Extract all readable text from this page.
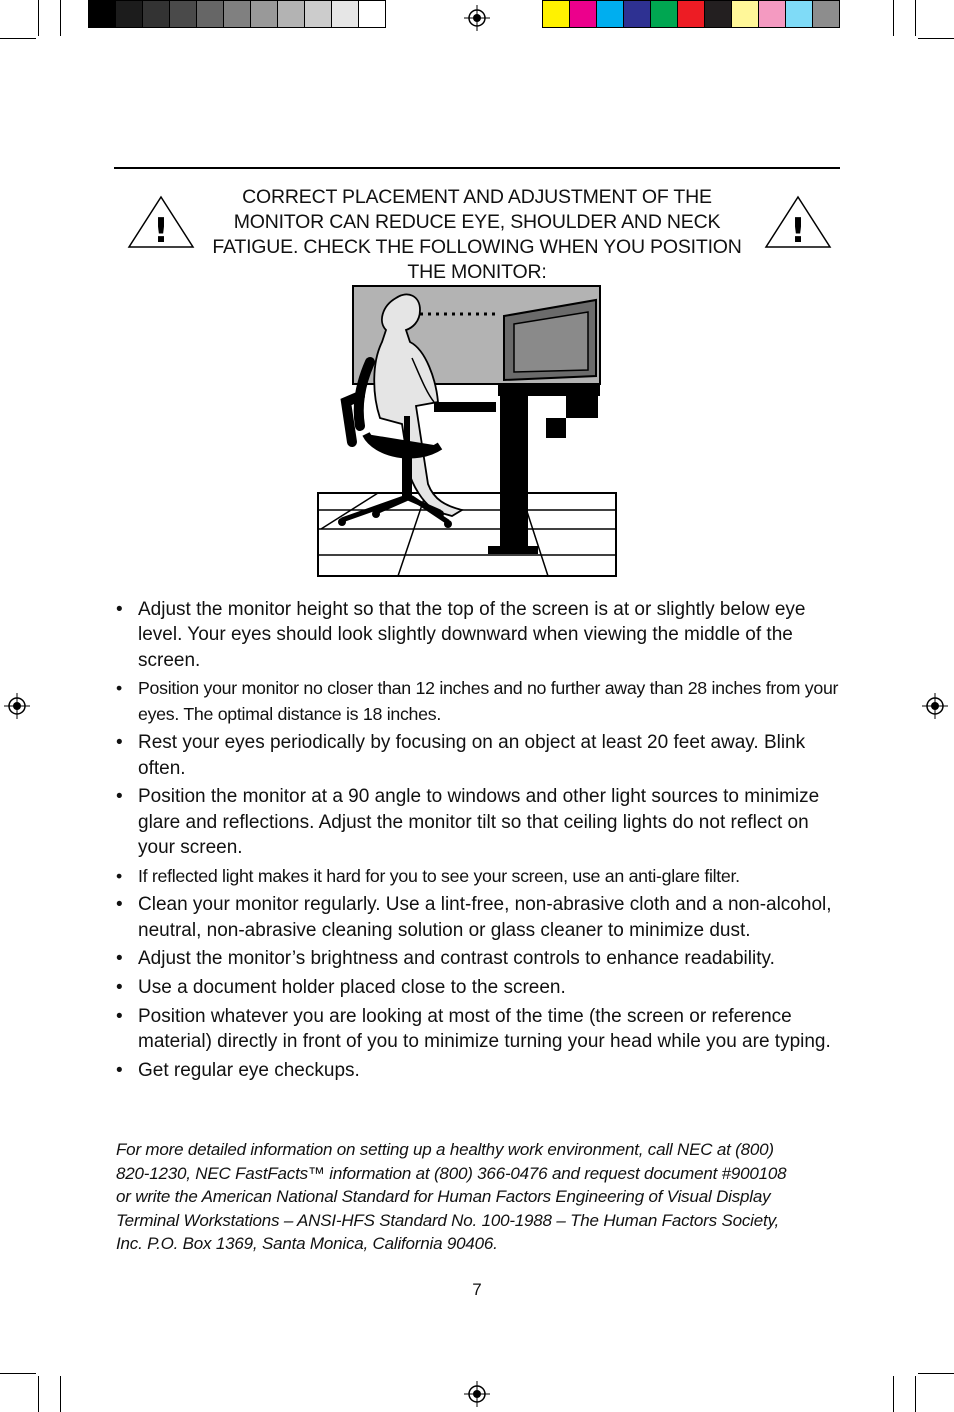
!	!
CORRECT PLACEMENT AND ADJUSTMENT OF THE MONITOR CAN REDUCE EYE, SHOULDER AND NECK FATIGUE. CHECK THE FOLLOWING WHEN YOU POSITION THE MONITOR:
• Adjust the monitor height so that the top of the screen is at or slightly below eye level. Your eyes should look slightly downward when viewing the middle of the screen.
• Position your monitor no closer than 12 inches and no further away than 28 inches from your eyes. The optimal distance is 18 inches.
• Rest your eyes periodically by focusing on an object at least 20 feet away. Blink often.
• Position the monitor at a 90 angle to windows and other light sources to minimize glare and reflections. Adjust the monitor tilt so that ceiling lights do not reflect on your screen.
• If reflected light makes it hard for you to see your screen, use an anti-glare filter.
• Clean your monitor regularly. Use a lint-free, non-abrasive cloth and a non-alcohol, neutral, non-abrasive cleaning solution or glass cleaner to minimize dust.
• Adjust the monitor’s brightness and contrast controls to enhance readability.
• Use a document holder placed close to the screen.
• Position whatever you are looking at most of the time (the screen or reference material) directly in front of you to minimize turning your head while you are typing.
• Get regular eye checkups.
For more detailed information on setting up a healthy work environment, call NEC at (800) 820-1230, NEC FastFacts™ information at (800) 366-0476 and request document #900108 or write the American National Standard for Human Factors Engineering of Visual Display Terminal Workstations – ANSI-HFS Standard No. 100-1988 – The Human Factors Society, Inc. P.O. Box 1369, Santa Monica, California 90406.
7
